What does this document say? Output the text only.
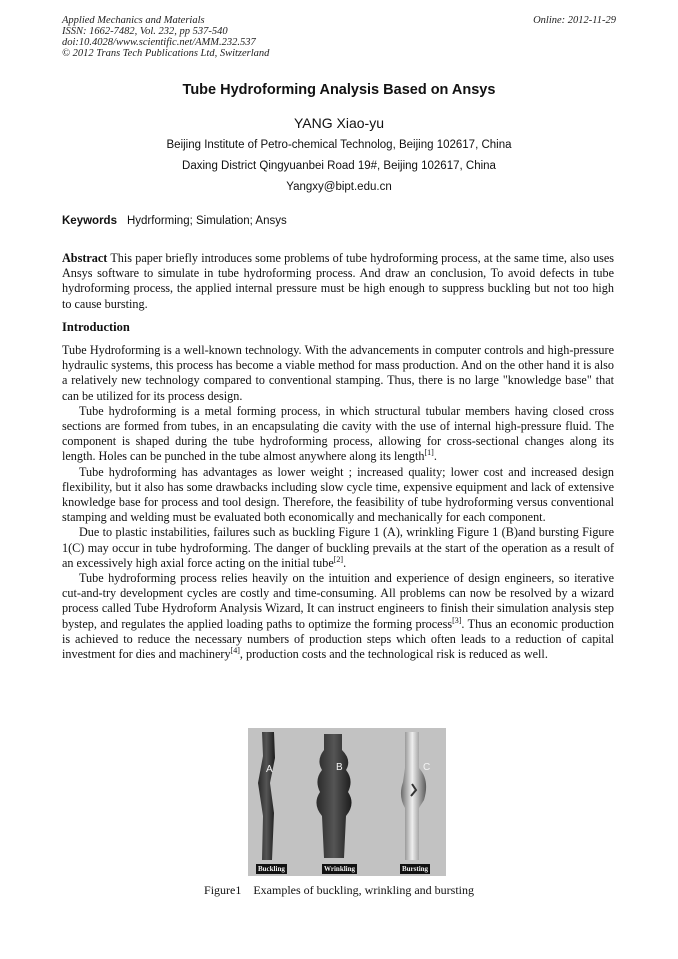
Applied Mechanics and Materials
ISSN: 1662-7482, Vol. 232, pp 537-540
doi:10.4028/www.scientific.net/AMM.232.537
© 2012 Trans Tech Publications Ltd, Switzerland
Online: 2012-11-29
Tube Hydroforming Analysis Based on Ansys
YANG Xiao-yu
Beijing Institute of Petro-chemical Technolog, Beijing 102617, China
Daxing District Qingyuanbei Road 19#, Beijing 102617, China
Yangxy@bipt.edu.cn
Keywords Hydrforming; Simulation; Ansys

Abstract This paper briefly introduces some problems of tube hydroforming process, at the same time, also uses Ansys software to simulate in tube hydroforming process. And draw an conclusion, To avoid defects in tube hydroforming process, the applied internal pressure must be high enough to suppress buckling but not too high to cause bursting.

Introduction

Tube Hydroforming is a well-known technology. With the advancements in computer controls and high-pressure hydraulic systems, this process has become a viable method for mass production. And on the other hand it is also a relatively new technology compared to conventional stamping. Thus, there is no large "knowledge base" that can be utilized for its process design.

Tube hydroforming is a metal forming process, in which structural tubular members having closed cross sections are formed from tubes, in an encapsulating die cavity with the use of internal high-pressure fluid. The component is shaped during the tube hydroforming process, allowing for cross-sectional changes along its length. Holes can be punched in the tube almost anywhere along its length[1].

Tube hydroforming has advantages as lower weight ; increased quality; lower cost and increased design flexibility, but it also has some drawbacks including slow cycle time, expensive equipment and lack of extensive knowledge base for process and tool design. Therefore, the feasibility of tube hydroforming versus conventional stamping and welding must be evaluated both economically and mechanically for each component.

Due to plastic instabilities, failures such as buckling Figure 1 (A), wrinkling Figure 1 (B)and bursting Figure 1(C) may occur in tube hydroforming. The danger of buckling prevails at the start of the operation as a result of an excessively high axial force acting on the initial tube[2].

Tube hydroforming process relies heavily on the intuition and experience of design engineers, so iterative cut-and-try development cycles are costly and time-consuming. All problems can now be resolved by a wizard process called Tube Hydroform Analysis Wizard, It can instruct engineers to finish their simulation analysis step bystep, and regulates the applied loading paths to optimize the forming process[3]. Thus an economic production is achieved to reduce the necessary numbers of production steps which often leads to a reduction of capital investment for dies and machinery[4], production costs and the technological risk is reduced as well.

A	B	C
Buckling	Wrinkling	Bursting
Figure1    Examples of buckling, wrinkling and bursting
